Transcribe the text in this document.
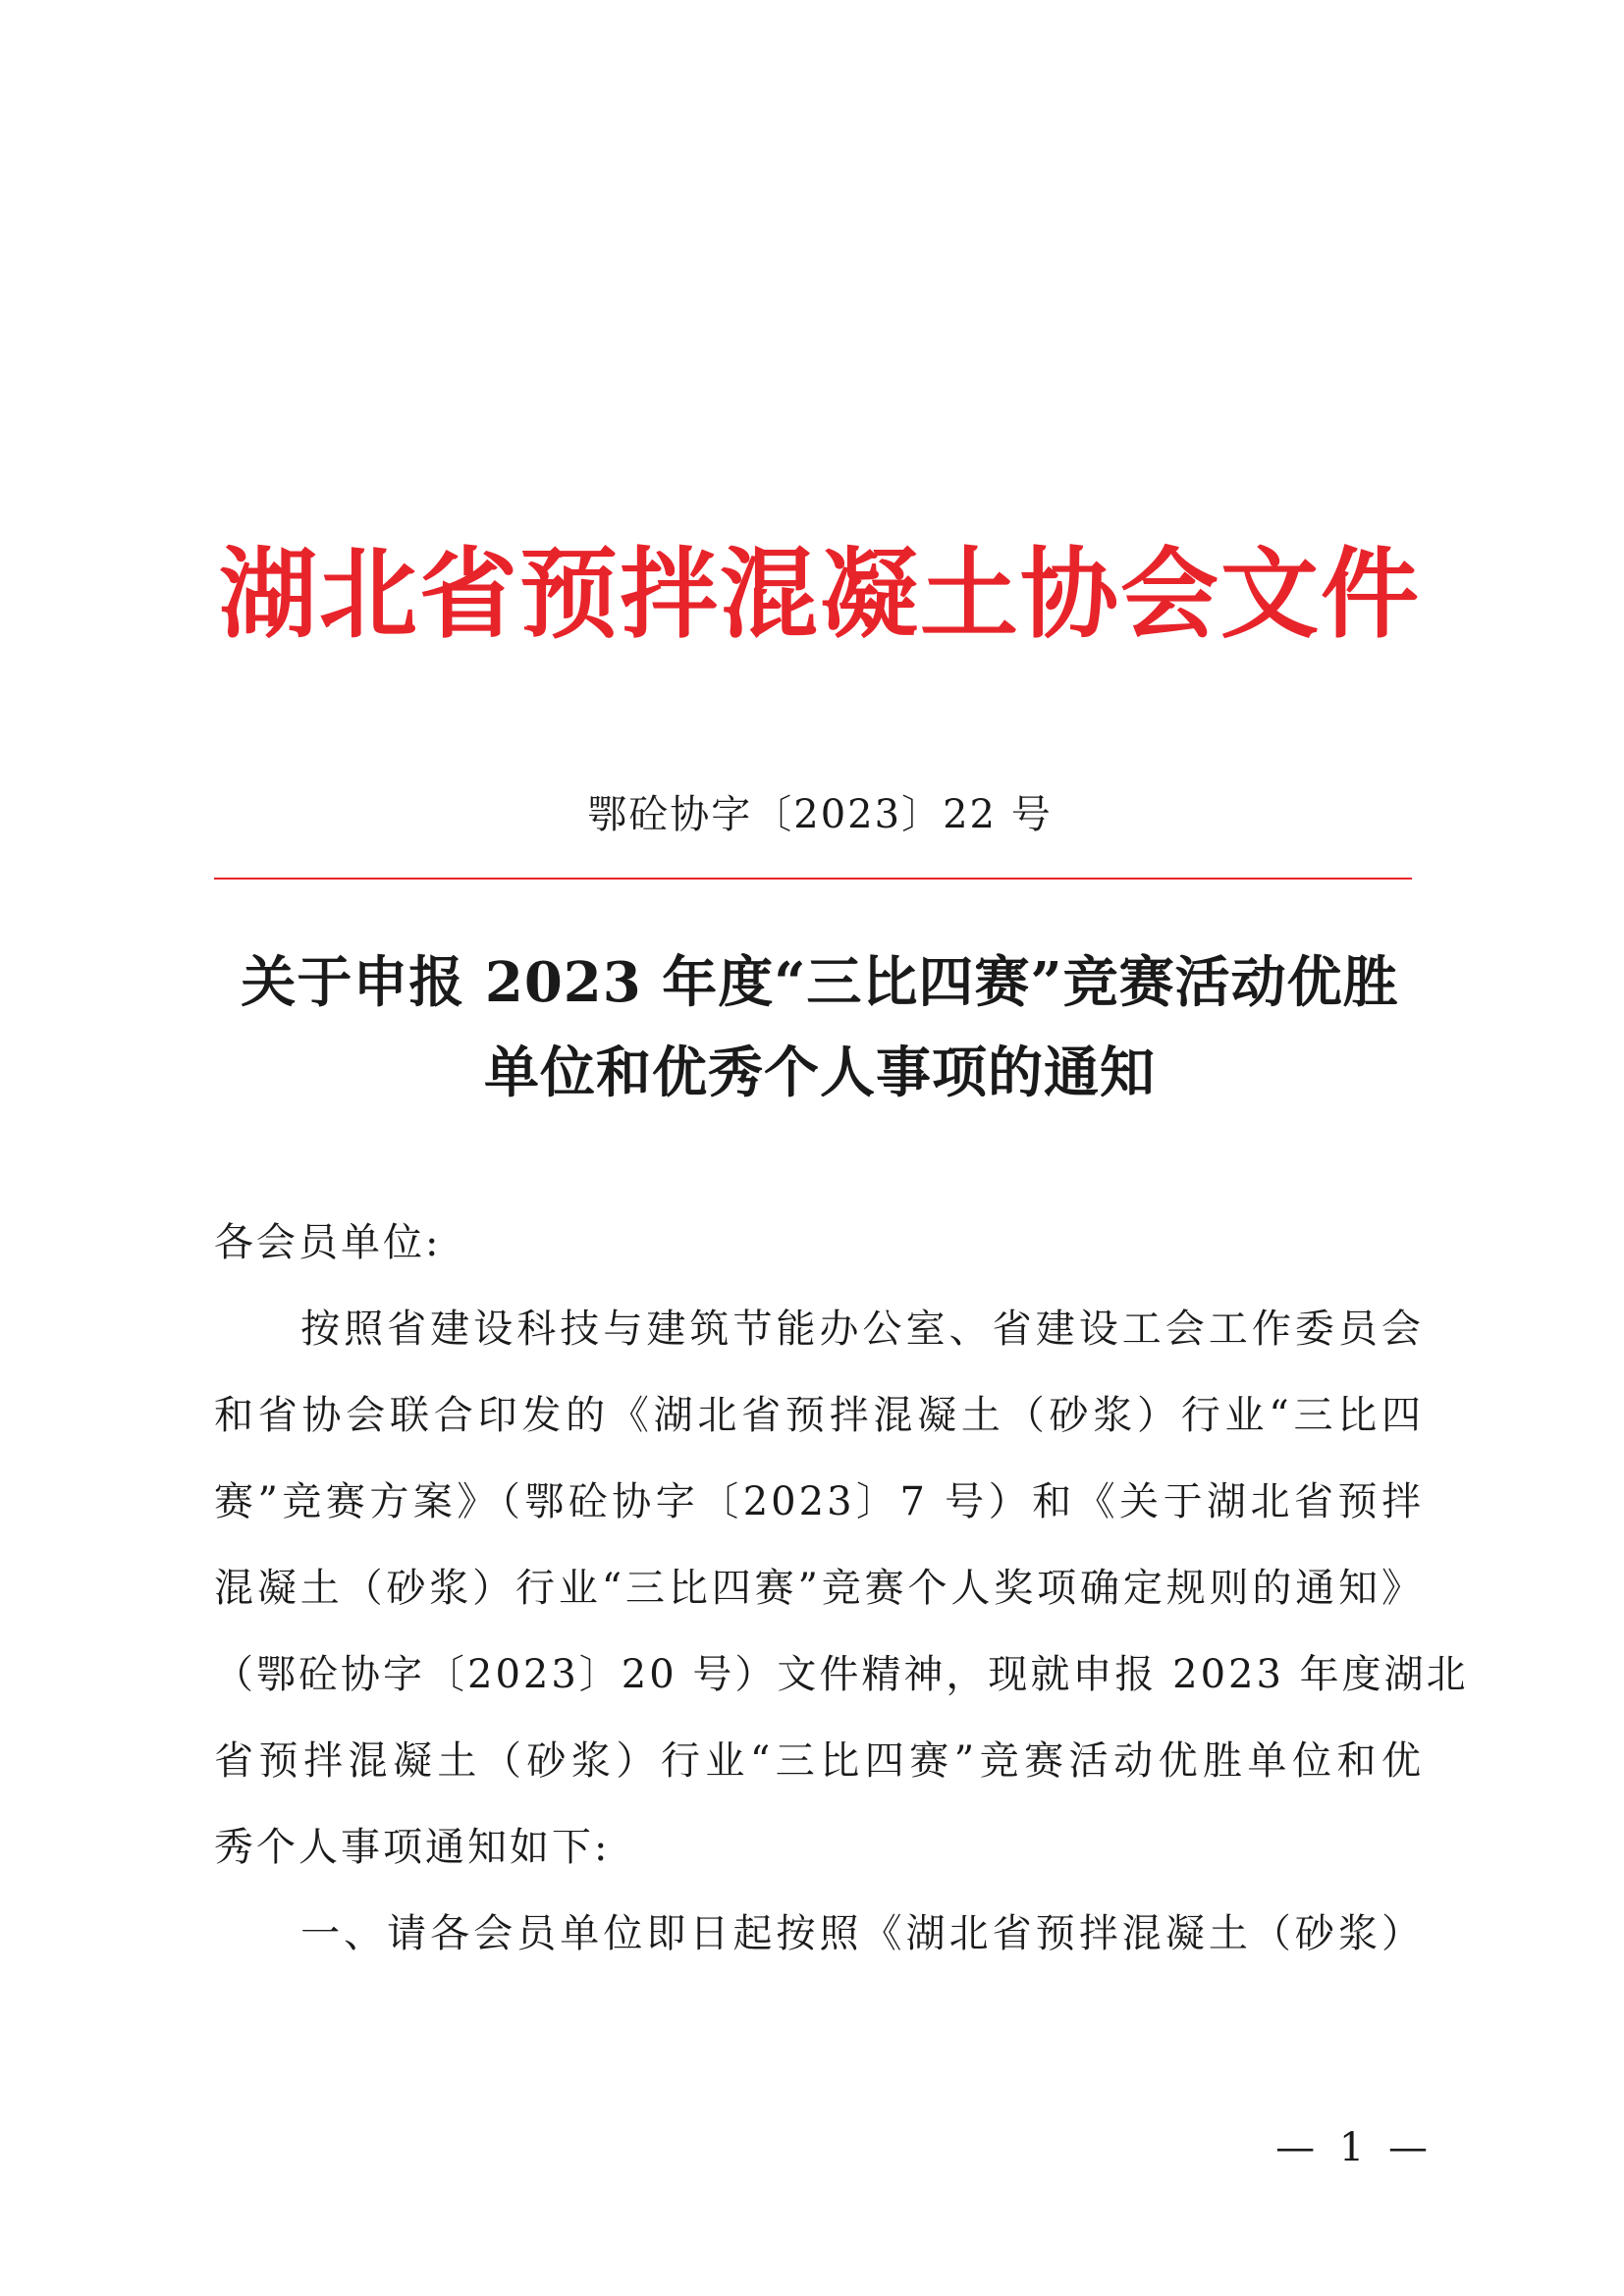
湖北省预拌混凝土协会文件
鄂砼协字〔2023〕22 号
关于申报 2023 年度“三比四赛”竞赛活动优胜
单位和优秀个人事项的通知
各会员单位:
　　按照省建设科技与建筑节能办公室、省建设工会工作委员会
和省协会联合印发的《湖北省预拌混凝土（砂浆）行业“三比四
赛”竞赛方案》（鄂砼协字〔2023〕7 号）和《关于湖北省预拌
混凝土（砂浆）行业“三比四赛”竞赛个人奖项确定规则的通知》
（鄂砼协字〔2023〕20 号）文件精神，现就申报 2023 年度湖北
省预拌混凝土（砂浆）行业“三比四赛”竞赛活动优胜单位和优
秀个人事项通知如下:
　　一、请各会员单位即日起按照《湖北省预拌混凝土（砂浆）
— 1 —
